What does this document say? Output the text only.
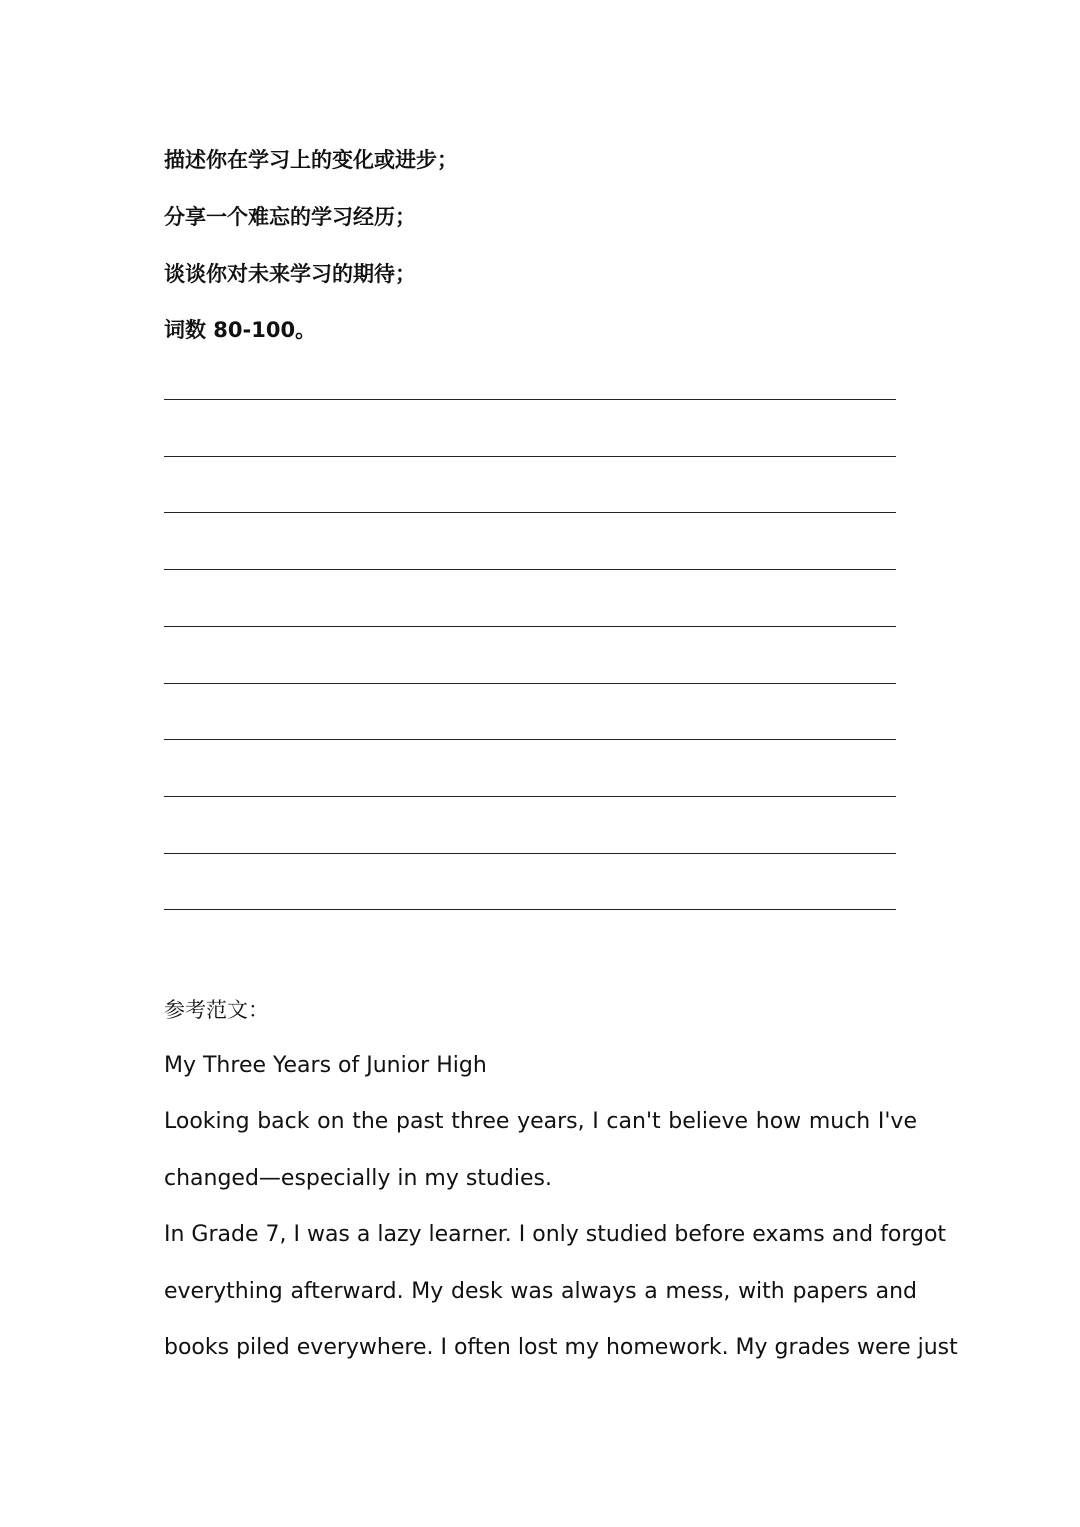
描述你在学习上的变化或进步；
分享一个难忘的学习经历；
谈谈你对未来学习的期待；
词数 80-100。
参考范文：
My Three Years of Junior High
Looking back on the past three years, I can't believe how much I've
changed—especially in my studies.
In Grade 7, I was a lazy learner. I only studied before exams and forgot
everything afterward. My desk was always a mess, with papers and
books piled everywhere. I often lost my homework. My grades were just
